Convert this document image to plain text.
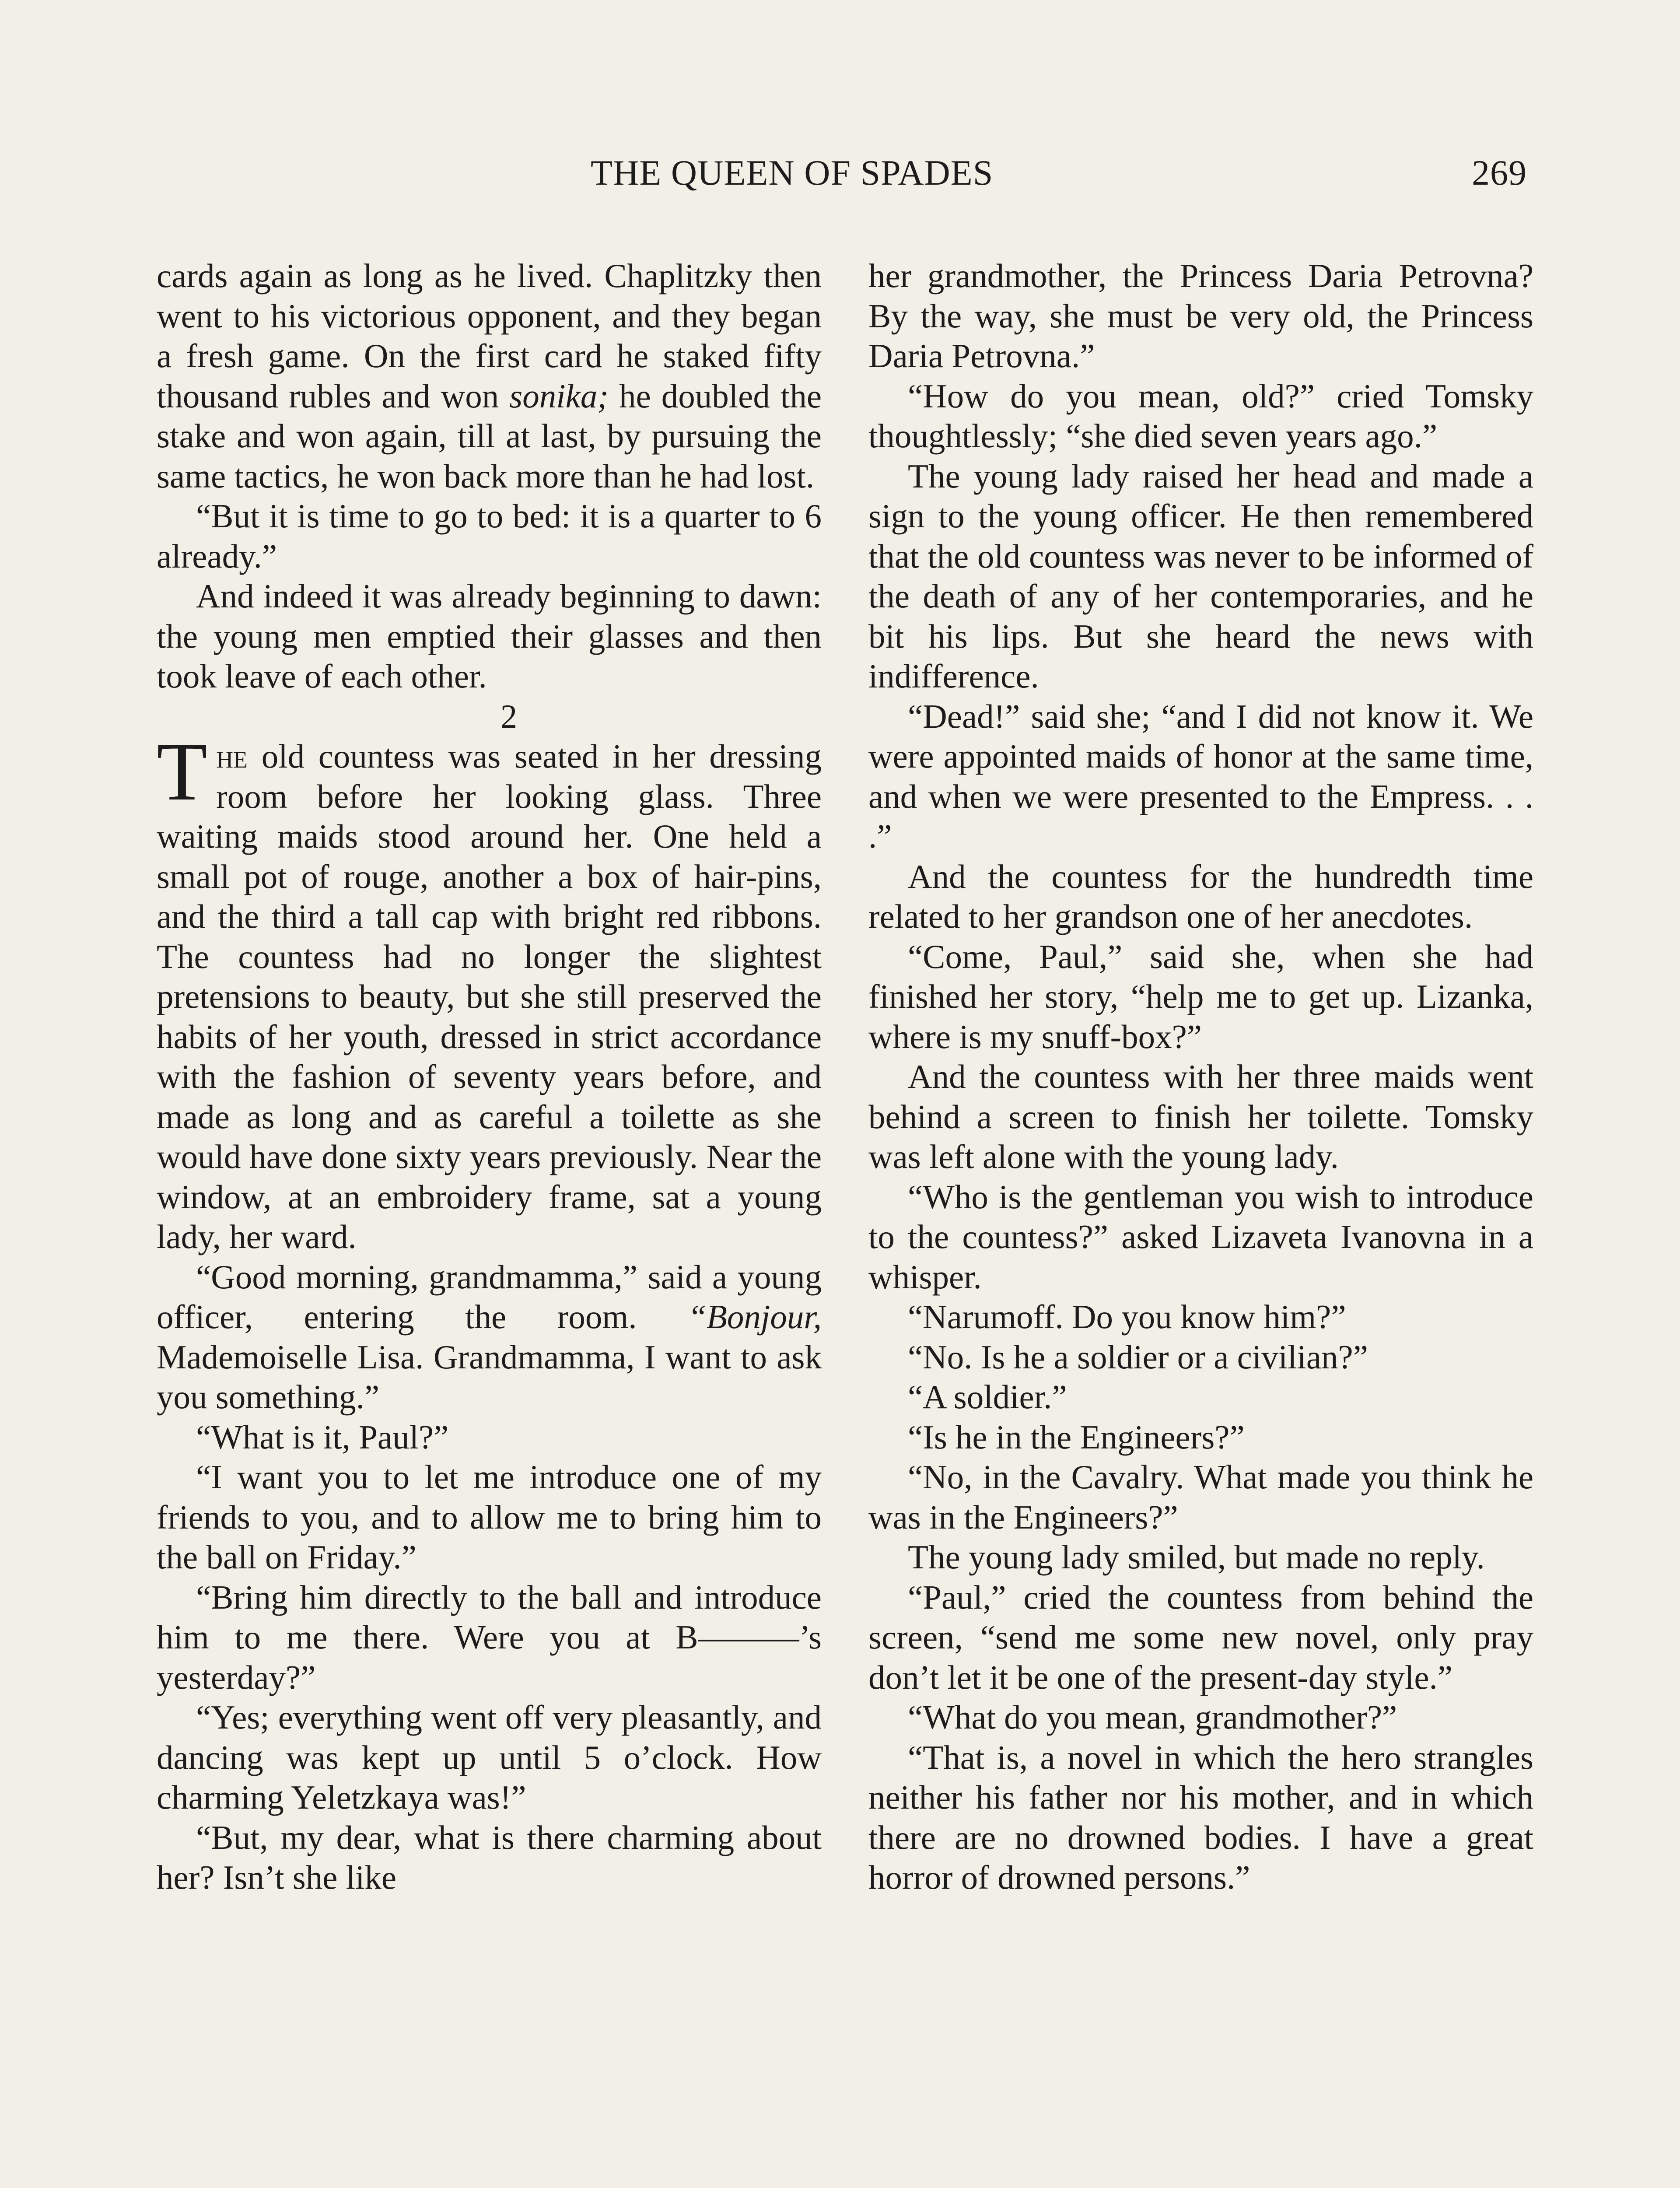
THE QUEEN OF SPADES	269

cards again as long as he lived. Chaplitzky then went to his victorious opponent, and they began a fresh game. On the first card he staked fifty thousand rubles and won sonika; he doubled the stake and won again, till at last, by pursuing the same tactics, he won back more than he had lost.

“But it is time to go to bed: it is a quarter to 6 already.”

And indeed it was already beginning to dawn: the young men emptied their glasses and then took leave of each other.

2

The old countess was seated in her dressing room before her looking glass. Three waiting maids stood around her. One held a small pot of rouge, another a box of hair-pins, and the third a tall cap with bright red ribbons. The countess had no longer the slightest pretensions to beauty, but she still preserved the habits of her youth, dressed in strict accordance with the fashion of seventy years before, and made as long and as careful a toilette as she would have done sixty years previously. Near the window, at an embroidery frame, sat a young lady, her ward.

“Good morning, grandmamma,” said a young officer, entering the room. “Bonjour, Mademoiselle Lisa. Grandmamma, I want to ask you something.”

“What is it, Paul?”

“I want you to let me introduce one of my friends to you, and to allow me to bring him to the ball on Friday.”

“Bring him directly to the ball and introduce him to me there. Were you at B———’s yesterday?”

“Yes; everything went off very pleasantly, and dancing was kept up until 5 o’clock. How charming Yeletzkaya was!”

“But, my dear, what is there charming about her? Isn’t she like

her grandmother, the Princess Daria Petrovna? By the way, she must be very old, the Princess Daria Petrovna.”

“How do you mean, old?” cried Tomsky thoughtlessly; “she died seven years ago.”

The young lady raised her head and made a sign to the young officer. He then remembered that the old countess was never to be informed of the death of any of her contemporaries, and he bit his lips. But she heard the news with indifference.

“Dead!” said she; “and I did not know it. We were appointed maids of honor at the same time, and when we were presented to the Empress. . . .”

And the countess for the hundredth time related to her grandson one of her anecdotes.

“Come, Paul,” said she, when she had finished her story, “help me to get up. Lizanka, where is my snuff-box?”

And the countess with her three maids went behind a screen to finish her toilette. Tomsky was left alone with the young lady.

“Who is the gentleman you wish to introduce to the countess?” asked Lizaveta Ivanovna in a whisper.

“Narumoff. Do you know him?”

“No. Is he a soldier or a civilian?”

“A soldier.”

“Is he in the Engineers?”

“No, in the Cavalry. What made you think he was in the Engineers?”

The young lady smiled, but made no reply.

“Paul,” cried the countess from behind the screen, “send me some new novel, only pray don’t let it be one of the present-day style.”

“What do you mean, grandmother?”

“That is, a novel in which the hero strangles neither his father nor his mother, and in which there are no drowned bodies. I have a great horror of drowned persons.”
